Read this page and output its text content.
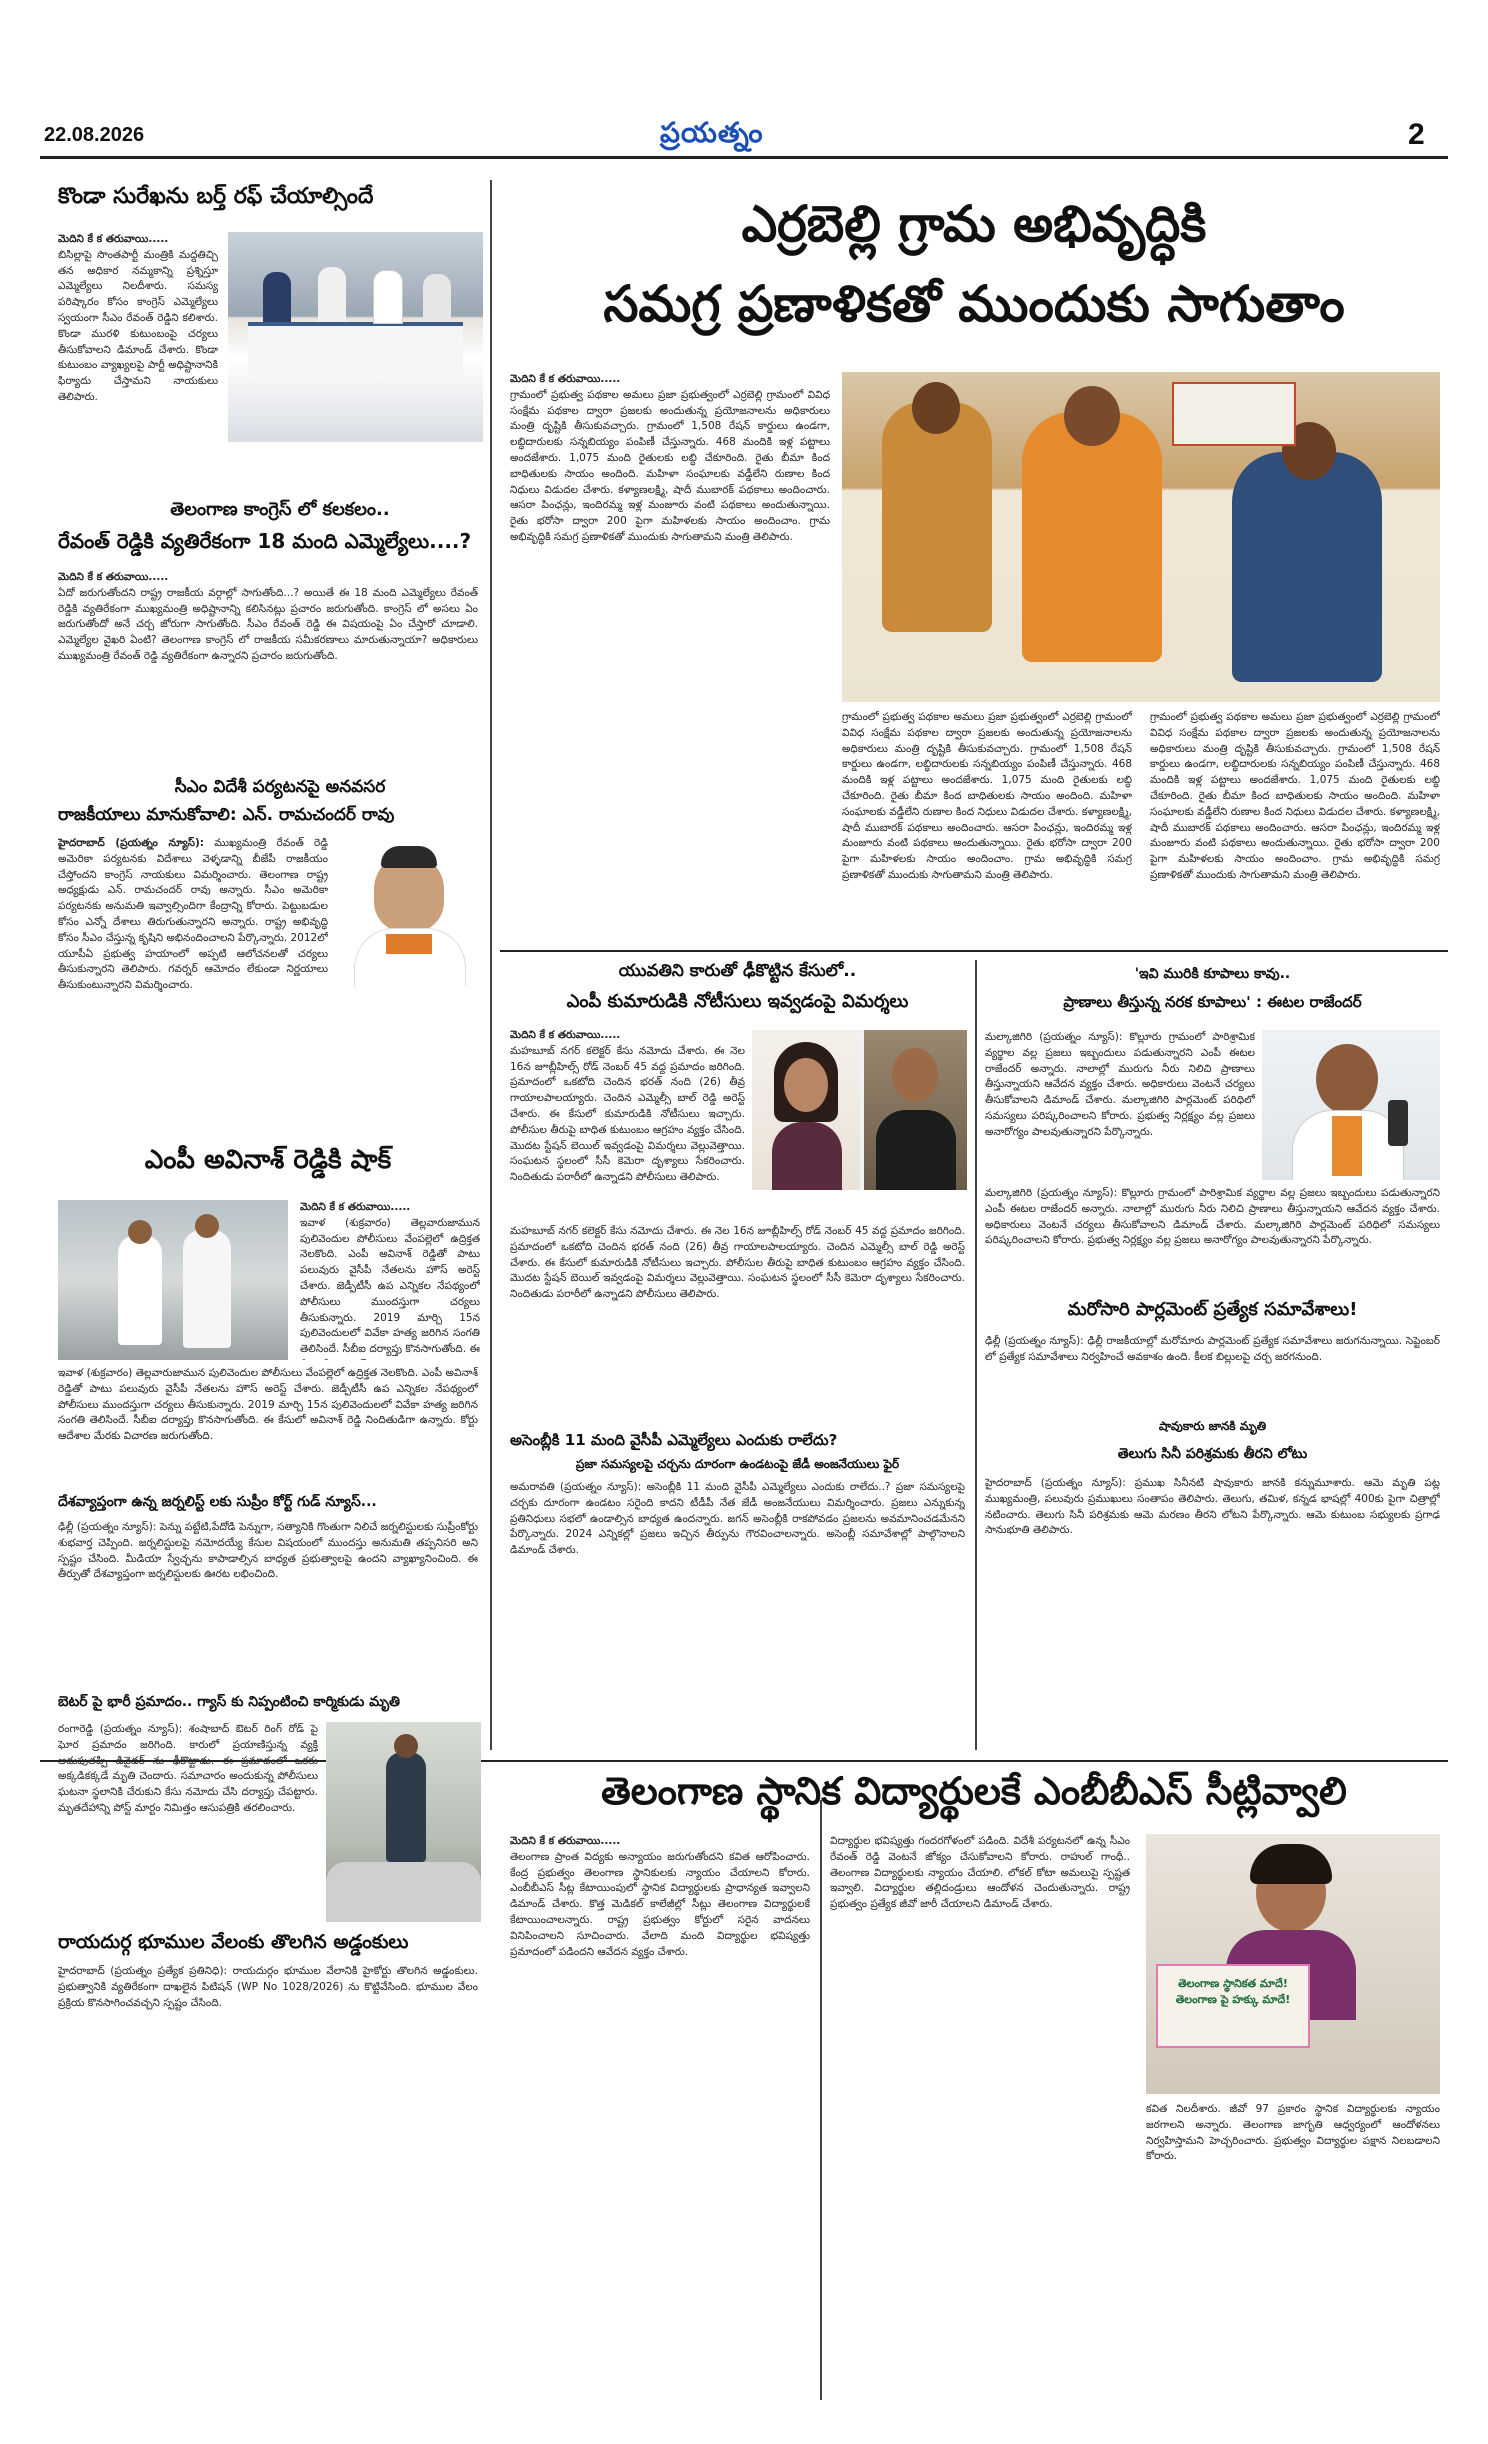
22.08.2026	ప్రయత్నం	2
కొండా సురేఖను బర్త్ రఫ్ చేయాల్సిందే
మెదిని కే క తరువాయి.....
బిసిల్లాపై సొంతపార్టీ మంత్రికి మద్దతిచ్చి తన అధికార నమ్మకాన్ని ప్రశ్నిస్తూ ఎమ్మెల్యేలు నిలదీశారు. సమస్య పరిష్కారం కోసం కాంగ్రెస్ ఎమ్మెల్యేలు స్వయంగా సీఎం రేవంత్ రెడ్డిని కలిశారు. కొండా మురళి కుటుంబంపై చర్యలు తీసుకోవాలని డిమాండ్ చేశారు. కొండా కుటుంబం వ్యాఖ్యలపై పార్టీ అధిష్టానానికి ఫిర్యాదు చేస్తామని నాయకులు తెలిపారు.
తెలంగాణ కాంగ్రెస్ లో కలకలం..
రేవంత్ రెడ్డికి వ్యతిరేకంగా 18 మంది ఎమ్మెల్యేలు....?
మెదిని కే క తరువాయి.....
ఏదో జరుగుతోందని రాష్ట్ర రాజకీయ వర్గాల్లో సాగుతోంది...? అయితే ఈ 18 మంది ఎమ్మెల్యేలు రేవంత్ రెడ్డికి వ్యతిరేకంగా ముఖ్యమంత్రి అధిష్టానాన్ని కలిసినట్లు ప్రచారం జరుగుతోంది. కాంగ్రెస్ లో అసలు ఏం జరుగుతోందో అనే చర్చ జోరుగా సాగుతోంది. సీఎం రేవంత్ రెడ్డి ఈ విషయంపై ఏం చేస్తారో చూడాలి. ఎమ్మెల్యేల వైఖరి ఏంటి? తెలంగాణ కాంగ్రెస్ లో రాజకీయ సమీకరణాలు మారుతున్నాయా? అధికారులు ముఖ్యమంత్రి రేవంత్ రెడ్డి వ్యతిరేకంగా ఉన్నారని ప్రచారం జరుగుతోంది.
సీఎం విదేశీ పర్యటనపై అనవసర
రాజకీయాలు మానుకోవాలి: ఎన్. రామచందర్ రావు
హైదరాబాద్ (ప్రయత్నం న్యూస్): ముఖ్యమంత్రి రేవంత్ రెడ్డి అమెరికా పర్యటనకు విదేశాలు వెళ్ళడాన్ని బీజేపీ రాజకీయం చేస్తోందని కాంగ్రెస్ నాయకులు విమర్శించారు. తెలంగాణ రాష్ట్ర అధ్యక్షుడు ఎన్. రామచందర్ రావు అన్నారు. సీఎం అమెరికా పర్యటనకు అనుమతి ఇవ్వాల్సిందిగా కేంద్రాన్ని కోరారు. పెట్టుబడుల కోసం ఎన్నో దేశాలు తిరుగుతున్నారని అన్నారు. రాష్ట్ర అభివృద్ధి కోసం సీఎం చేస్తున్న కృషిని అభినందించాలని పేర్కొన్నారు. 2012లో యూపీఏ ప్రభుత్వ హయాంలో అప్పటి ఆలోచనలతో చర్యలు తీసుకున్నారని తెలిపారు. గవర్నర్ ఆమోదం లేకుండా నిర్ణయాలు తీసుకుంటున్నారని విమర్శించారు.
ఎంపీ అవినాశ్ రెడ్డికి షాక్
మెదిని కే క తరువాయి.....
ఇవాళ (శుక్రవారం) తెల్లవారుజామున పులివెందుల పోలీసులు వేంపల్లెలో ఉద్రిక్తత నెలకొంది. ఎంపీ అవినాశ్ రెడ్డితో పాటు పలువురు వైసీపీ నేతలను హౌస్ అరెస్ట్ చేశారు. జెడ్పీటీసీ ఉప ఎన్నికల నేపథ్యంలో పోలీసులు ముందస్తుగా చర్యలు తీసుకున్నారు. 2019 మార్చి 15న పులివెందులలో వివేకా హత్య జరిగిన సంగతి తెలిసిందే. సీబీఐ దర్యాప్తు కొనసాగుతోంది. ఈ
ఇవాళ (శుక్రవారం) తెల్లవారుజామున పులివెందుల పోలీసులు వేంపల్లెలో ఉద్రిక్తత నెలకొంది. ఎంపీ అవినాశ్ రెడ్డితో పాటు పలువురు వైసీపీ నేతలను హౌస్ అరెస్ట్ చేశారు. జెడ్పీటీసీ ఉప ఎన్నికల నేపథ్యంలో పోలీసులు ముందస్తుగా చర్యలు తీసుకున్నారు. 2019 మార్చి 15న పులివెందులలో వివేకా హత్య జరిగిన సంగతి తెలిసిందే. సీబీఐ దర్యాప్తు కొనసాగుతోంది. ఈ కేసులో అవినాశ్ రెడ్డి నిందితుడిగా ఉన్నారు. కోర్టు ఆదేశాల మేరకు విచారణ జరుగుతోంది.
దేశవ్యాప్తంగా ఉన్న జర్నలిస్ట్ లకు సుప్రీం కోర్ట్ గుడ్ న్యూస్...
ఢిల్లీ (ప్రయత్నం న్యూస్): పెన్ను పట్టేటి,పేదోడి పెన్నుగా, సత్యానికి గొంతుగా నిలిచే జర్నలిస్టులకు సుప్రీంకోర్టు శుభవార్త చెప్పింది. జర్నలిస్టులపై నమోదయ్యే కేసుల విషయంలో ముందస్తు అనుమతి తప్పనిసరి అని స్పష్టం చేసింది. మీడియా స్వేచ్ఛను కాపాడాల్సిన బాధ్యత ప్రభుత్వాలపై ఉందని వ్యాఖ్యానించింది. ఈ తీర్పుతో దేశవ్యాప్తంగా జర్నలిస్టులకు ఊరట లభించింది.
బెటర్ పై భారీ ప్రమాదం.. గ్యాస్ కు నిప్పంటించి కార్మికుడు మృతి
రంగారెడ్డి (ప్రయత్నం న్యూస్): శంషాబాద్ ఔటర్ రింగ్ రోడ్ పై ఘోర ప్రమాదం జరిగింది. కారులో ప్రయాణిస్తున్న వ్యక్తి అదుపుతప్పి డివైడర్ ను ఢీకొట్టాడు. ఈ ప్రమాదంలో ఒకరు అక్కడికక్కడే మృతి చెందారు. సమాచారం అందుకున్న పోలీసులు ఘటనా స్థలానికి చేరుకుని కేసు నమోదు చేసి దర్యాప్తు చేపట్టారు. మృతదేహాన్ని పోస్ట్ మార్టం నిమిత్తం ఆసుపత్రికి తరలించారు.
రాయదుర్గ భూముల వేలంకు తొలగిన అడ్డంకులు
హైదరాబాద్ (ప్రయత్నం ప్రత్యేక ప్రతినిధి): రాయదుర్గం భూముల వేలానికి హైకోర్టు తొలగిన అడ్డంకులు. ప్రభుత్వానికి వ్యతిరేకంగా దాఖలైన పిటిషన్ (WP No 1028/2026) ను కొట్టివేసింది. భూముల వేలం ప్రక్రియ కొనసాగించవచ్చని స్పష్టం చేసింది.
ఎర్రబెల్లి గ్రామ అభివృద్ధికి
సమగ్ర ప్రణాళికతో ముందుకు సాగుతాం
మెదిని కే క తరువాయి.....
గ్రామంలో ప్రభుత్వ పథకాల అమలు ప్రజా ప్రభుత్వంలో ఎర్రబెల్లి గ్రామంలో వివిధ సంక్షేమ పథకాల ద్వారా ప్రజలకు అందుతున్న ప్రయోజనాలను అధికారులు మంత్రి దృష్టికి తీసుకువచ్చారు. గ్రామంలో 1,508 రేషన్ కార్డులు ఉండగా, లబ్ధిదారులకు సన్నబియ్యం పంపిణీ చేస్తున్నారు. 468 మందికి ఇళ్ల పట్టాలు అందజేశారు. 1,075 మంది రైతులకు లబ్ధి చేకూరింది. రైతు బీమా కింద బాధితులకు సాయం అందింది. మహిళా సంఘాలకు వడ్డీలేని రుణాల కింద నిధులు విడుదల చేశారు. కళ్యాణలక్ష్మి, షాదీ ముబారక్ పథకాలు అందించారు. ఆసరా పింఛన్లు, ఇందిరమ్మ ఇళ్ల మంజూరు వంటి పథకాలు అందుతున్నాయి. రైతు భరోసా ద్వారా 200 పైగా మహిళలకు సాయం అందించాం. గ్రామ అభివృద్ధికి సమగ్ర ప్రణాళికతో ముందుకు సాగుతామని మంత్రి తెలిపారు.
గ్రామంలో ప్రభుత్వ పథకాల అమలు ప్రజా ప్రభుత్వంలో ఎర్రబెల్లి గ్రామంలో వివిధ సంక్షేమ పథకాల ద్వారా ప్రజలకు అందుతున్న ప్రయోజనాలను అధికారులు మంత్రి దృష్టికి తీసుకువచ్చారు. గ్రామంలో 1,508 రేషన్ కార్డులు ఉండగా, లబ్ధిదారులకు సన్నబియ్యం పంపిణీ చేస్తున్నారు. 468 మందికి ఇళ్ల పట్టాలు అందజేశారు. 1,075 మంది రైతులకు లబ్ధి చేకూరింది. రైతు బీమా కింద బాధితులకు సాయం అందింది. మహిళా సంఘాలకు వడ్డీలేని రుణాల కింద నిధులు విడుదల చేశారు. కళ్యాణలక్ష్మి, షాదీ ముబారక్ పథకాలు అందించారు. ఆసరా పింఛన్లు, ఇందిరమ్మ ఇళ్ల మంజూరు వంటి పథకాలు అందుతున్నాయి. రైతు భరోసా ద్వారా 200 పైగా మహిళలకు సాయం అందించాం. గ్రామ అభివృద్ధికి సమగ్ర ప్రణాళికతో ముందుకు సాగుతామని మంత్రి తెలిపారు.
గ్రామంలో ప్రభుత్వ పథకాల అమలు ప్రజా ప్రభుత్వంలో ఎర్రబెల్లి గ్రామంలో వివిధ సంక్షేమ పథకాల ద్వారా ప్రజలకు అందుతున్న ప్రయోజనాలను అధికారులు మంత్రి దృష్టికి తీసుకువచ్చారు. గ్రామంలో 1,508 రేషన్ కార్డులు ఉండగా, లబ్ధిదారులకు సన్నబియ్యం పంపిణీ చేస్తున్నారు. 468 మందికి ఇళ్ల పట్టాలు అందజేశారు. 1,075 మంది రైతులకు లబ్ధి చేకూరింది. రైతు బీమా కింద బాధితులకు సాయం అందింది. మహిళా సంఘాలకు వడ్డీలేని రుణాల కింద నిధులు విడుదల చేశారు. కళ్యాణలక్ష్మి, షాదీ ముబారక్ పథకాలు అందించారు. ఆసరా పింఛన్లు, ఇందిరమ్మ ఇళ్ల మంజూరు వంటి పథకాలు అందుతున్నాయి. రైతు భరోసా ద్వారా 200 పైగా మహిళలకు సాయం అందించాం. గ్రామ అభివృద్ధికి సమగ్ర ప్రణాళికతో ముందుకు సాగుతామని మంత్రి తెలిపారు.
యువతిని కారుతో ఢీకొట్టిన కేసులో..
ఎంపీ కుమారుడికి నోటీసులు ఇవ్వడంపై విమర్శలు
మెదిని కే క తరువాయి.....
మహబూబ్ నగర్ కలెక్టర్ కేసు నమోదు చేశారు. ఈ నెల 16న జూబ్లీహిల్స్ రోడ్ నెంబర్ 45 వద్ద ప్రమాదం జరిగింది. ప్రమాదంలో ఒకటోది చెందిన భరత్ నంది (26) తీవ్ర గాయాలపాలయ్యారు. చెందిన ఎమ్మెల్సీ బాల్ రెడ్డి అరెస్ట్ చేశారు. ఈ కేసులో కుమారుడికి నోటీసులు ఇచ్చారు. పోలీసుల తీరుపై బాధిత కుటుంబం ఆగ్రహం వ్యక్తం చేసింది. మొదట స్టేషన్ బెయిల్ ఇవ్వడంపై విమర్శలు వెల్లువెత్తాయి. సంఘటన స్థలంలో సీసీ కెమెరా దృశ్యాలు సేకరించారు. నిందితుడు పరారీలో ఉన్నాడని పోలీసులు తెలిపారు.
మహబూబ్ నగర్ కలెక్టర్ కేసు నమోదు చేశారు. ఈ నెల 16న జూబ్లీహిల్స్ రోడ్ నెంబర్ 45 వద్ద ప్రమాదం జరిగింది. ప్రమాదంలో ఒకటోది చెందిన భరత్ నంది (26) తీవ్ర గాయాలపాలయ్యారు. చెందిన ఎమ్మెల్సీ బాల్ రెడ్డి అరెస్ట్ చేశారు. ఈ కేసులో కుమారుడికి నోటీసులు ఇచ్చారు. పోలీసుల తీరుపై బాధిత కుటుంబం ఆగ్రహం వ్యక్తం చేసింది. మొదట స్టేషన్ బెయిల్ ఇవ్వడంపై విమర్శలు వెల్లువెత్తాయి. సంఘటన స్థలంలో సీసీ కెమెరా దృశ్యాలు సేకరించారు. నిందితుడు పరారీలో ఉన్నాడని పోలీసులు తెలిపారు.
అసెంబ్లీకి 11 మంది వైసీపీ ఎమ్మెల్యేలు ఎందుకు రాలేదు?
ప్రజా సమస్యలపై చర్చను దూరంగా ఉండటంపై జేడీ అంజనేయులు ఫైర్
అమరావతి (ప్రయత్నం న్యూస్): అసెంబ్లీకి 11 మంది వైసీపీ ఎమ్మెల్యేలు ఎందుకు రాలేదు..? ప్రజా సమస్యలపై చర్చకు దూరంగా ఉండటం సరైంది కాదని టీడీపీ నేత జేడీ అంజనేయులు విమర్శించారు. ప్రజలు ఎన్నుకున్న ప్రతినిధులు సభలో ఉండాల్సిన బాధ్యత ఉందన్నారు. జగన్ అసెంబ్లీకి రాకపోవడం ప్రజలను అవమానించడమేనని పేర్కొన్నారు. 2024 ఎన్నికల్లో ప్రజలు ఇచ్చిన తీర్పును గౌరవించాలన్నారు. అసెంబ్లీ సమావేశాల్లో పాల్గొనాలని డిమాండ్ చేశారు.
'ఇవి మురికి కూపాలు కావు..
ప్రాణాలు తీస్తున్న నరక కూపాలు' : ఈటల రాజేందర్
మల్కాజిగిరి (ప్రయత్నం న్యూస్): కొల్లూరు గ్రామంలో పారిశ్రామిక వ్యర్థాల వల్ల ప్రజలు ఇబ్బందులు పడుతున్నారని ఎంపీ ఈటల రాజేందర్ అన్నారు. నాలాల్లో మురుగు నీరు నిలిచి ప్రాణాలు తీస్తున్నాయని ఆవేదన వ్యక్తం చేశారు. అధికారులు వెంటనే చర్యలు తీసుకోవాలని డిమాండ్ చేశారు. మల్కాజిగిరి పార్లమెంట్ పరిధిలో సమస్యలు పరిష్కరించాలని కోరారు. ప్రభుత్వ నిర్లక్ష్యం వల్ల ప్రజలు అనారోగ్యం పాలవుతున్నారని పేర్కొన్నారు.
మల్కాజిగిరి (ప్రయత్నం న్యూస్): కొల్లూరు గ్రామంలో పారిశ్రామిక వ్యర్థాల వల్ల ప్రజలు ఇబ్బందులు పడుతున్నారని ఎంపీ ఈటల రాజేందర్ అన్నారు. నాలాల్లో మురుగు నీరు నిలిచి ప్రాణాలు తీస్తున్నాయని ఆవేదన వ్యక్తం చేశారు. అధికారులు వెంటనే చర్యలు తీసుకోవాలని డిమాండ్ చేశారు. మల్కాజిగిరి పార్లమెంట్ పరిధిలో సమస్యలు పరిష్కరించాలని కోరారు. ప్రభుత్వ నిర్లక్ష్యం వల్ల ప్రజలు అనారోగ్యం పాలవుతున్నారని పేర్కొన్నారు.
మరోసారి పార్లమెంట్ ప్రత్యేక సమావేశాలు!
ఢిల్లీ (ప్రయత్నం న్యూస్): ఢిల్లీ రాజకీయాల్లో మరోమారు పార్లమెంట్ ప్రత్యేక సమావేశాలు జరుగనున్నాయి. సెప్టెంబర్ లో ప్రత్యేక సమావేశాలు నిర్వహించే అవకాశం ఉంది. కీలక బిల్లులపై చర్చ జరగనుంది.
షావుకారు జానకి మృతి
తెలుగు సినీ పరిశ్రమకు తీరని లోటు
హైదరాబాద్ (ప్రయత్నం న్యూస్): ప్రముఖ సినీనటి షావుకారు జానకి కన్నుమూశారు. ఆమె మృతి పట్ల ముఖ్యమంత్రి, పలువురు ప్రముఖులు సంతాపం తెలిపారు. తెలుగు, తమిళ, కన్నడ భాషల్లో 400కు పైగా చిత్రాల్లో నటించారు. తెలుగు సినీ పరిశ్రమకు ఆమె మరణం తీరని లోటని పేర్కొన్నారు. ఆమె కుటుంబ సభ్యులకు ప్రగాఢ సానుభూతి తెలిపారు.
తెలంగాణ స్థానిక విద్యార్థులకే ఎంబీబీఎస్ సీట్లివ్వాలి
మెదిని కే క తరువాయి.....
తెలంగాణ ప్రాంత విద్యకు అన్యాయం జరుగుతోందని కవిత ఆరోపించారు. కేంద్ర ప్రభుత్వం తెలంగాణ స్థానికులకు న్యాయం చేయాలని కోరారు. ఎంబీబీఎస్ సీట్ల కేటాయింపులో స్థానిక విద్యార్థులకు ప్రాధాన్యత ఇవ్వాలని డిమాండ్ చేశారు. కొత్త మెడికల్ కాలేజీల్లో సీట్లు తెలంగాణ విద్యార్థులకే కేటాయించాలన్నారు. రాష్ట్ర ప్రభుత్వం కోర్టులో సరైన వాదనలు వినిపించాలని సూచించారు. వేలాది మంది విద్యార్థుల భవిష్యత్తు ప్రమాదంలో పడిందని ఆవేదన వ్యక్తం చేశారు.
విద్యార్థుల భవిష్యత్తు గందరగోళంలో పడింది. విదేశీ పర్యటనలో ఉన్న సీఎం రేవంత్ రెడ్డి వెంటనే జోక్యం చేసుకోవాలని కోరారు. రాహుల్ గాంధీ.. తెలంగాణ విద్యార్థులకు న్యాయం చేయాలి. లోకల్ కోటా అమలుపై స్పష్టత ఇవ్వాలి. విద్యార్థుల తల్లిదండ్రులు ఆందోళన చెందుతున్నారు. రాష్ట్ర ప్రభుత్వం ప్రత్యేక జీవో జారీ చేయాలని డిమాండ్ చేశారు.
తెలంగాణ స్థానికత మాదే! తెలంగాణ పై హక్కు మాదే!
కవిత నిలదీశారు. జీవో 97 ప్రకారం స్థానిక విద్యార్థులకు న్యాయం జరగాలని అన్నారు. తెలంగాణ జాగృతి ఆధ్వర్యంలో ఆందోళనలు నిర్వహిస్తామని హెచ్చరించారు. ప్రభుత్వం విద్యార్థుల పక్షాన నిలబడాలని కోరారు.
